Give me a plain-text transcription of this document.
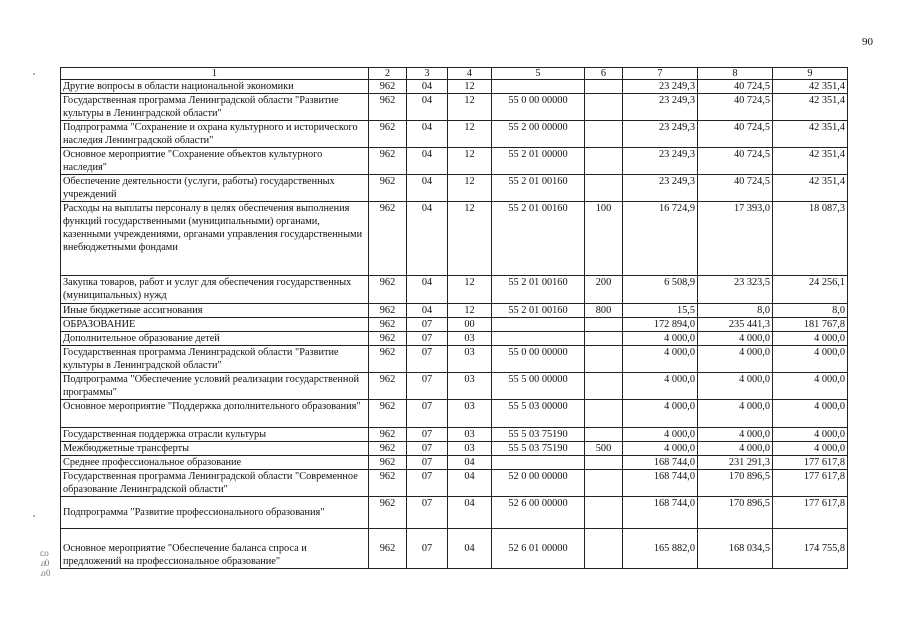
90
1	2	3	4	5	6	7	8	9
Другие вопросы в области национальной экономики	962	04	12			23 249,3	40 724,5	42 351,4
Государственная программа Ленинградской области "Развитие культуры в Ленинградской области"	962	04	12	55 0 00 00000		23 249,3	40 724,5	42 351,4
Подпрограмма "Сохранение и охрана культурного и исторического наследия Ленинградской области"	962	04	12	55 2 00 00000		23 249,3	40 724,5	42 351,4
Основное мероприятие "Сохранение объектов культурного наследия"	962	04	12	55 2 01 00000		23 249,3	40 724,5	42 351,4
Обеспечение деятельности (услуги, работы) государственных учреждений	962	04	12	55 2 01 00160		23 249,3	40 724,5	42 351,4
Расходы на выплаты персоналу в целях обеспечения выполнения функций государственными (муниципальными) органами, казенными учреждениями, органами управления государственными внебюджетными фондами	962	04	12	55 2 01 00160	100	16 724,9	17 393,0	18 087,3
Закупка товаров, работ и услуг для обеспечения государственных (муниципальных) нужд	962	04	12	55 2 01 00160	200	6 508,9	23 323,5	24 256,1
Иные бюджетные ассигнования	962	04	12	55 2 01 00160	800	15,5	8,0	8,0
ОБРАЗОВАНИЕ	962	07	00			172 894,0	235 441,3	181 767,8
Дополнительное образование детей	962	07	03			4 000,0	4 000,0	4 000,0
Государственная программа Ленинградской области "Развитие культуры в Ленинградской области"	962	07	03	55 0 00 00000		4 000,0	4 000,0	4 000,0
Подпрограмма "Обеспечение условий реализации государственной программы"	962	07	03	55 5 00 00000		4 000,0	4 000,0	4 000,0
Основное мероприятие "Поддержка дополнительного образования"	962	07	03	55 5 03 00000		4 000,0	4 000,0	4 000,0
Государственная поддержка отрасли культуры	962	07	03	55 5 03 75190		4 000,0	4 000,0	4 000,0
Межбюджетные трансферты	962	07	03	55 5 03 75190	500	4 000,0	4 000,0	4 000,0
Среднее профессиональное образование	962	07	04			168 744,0	231 291,3	177 617,8
Государственная программа Ленинградской области "Современное образование Ленинградской области"	962	07	04	52 0 00 00000		168 744,0	170 896,5	177 617,8
Подпрограмма "Развитие профессионального образования"	962	07	04	52 6 00 00000		168 744,0	170 896,5	177 617,8
Основное мероприятие "Обеспечение баланса спроса и предложений на профессиональное образование"	962	07	04	52 6 01 00000		165 882,0	168 034,5	174 755,8
с.о
.о0
.о 0
